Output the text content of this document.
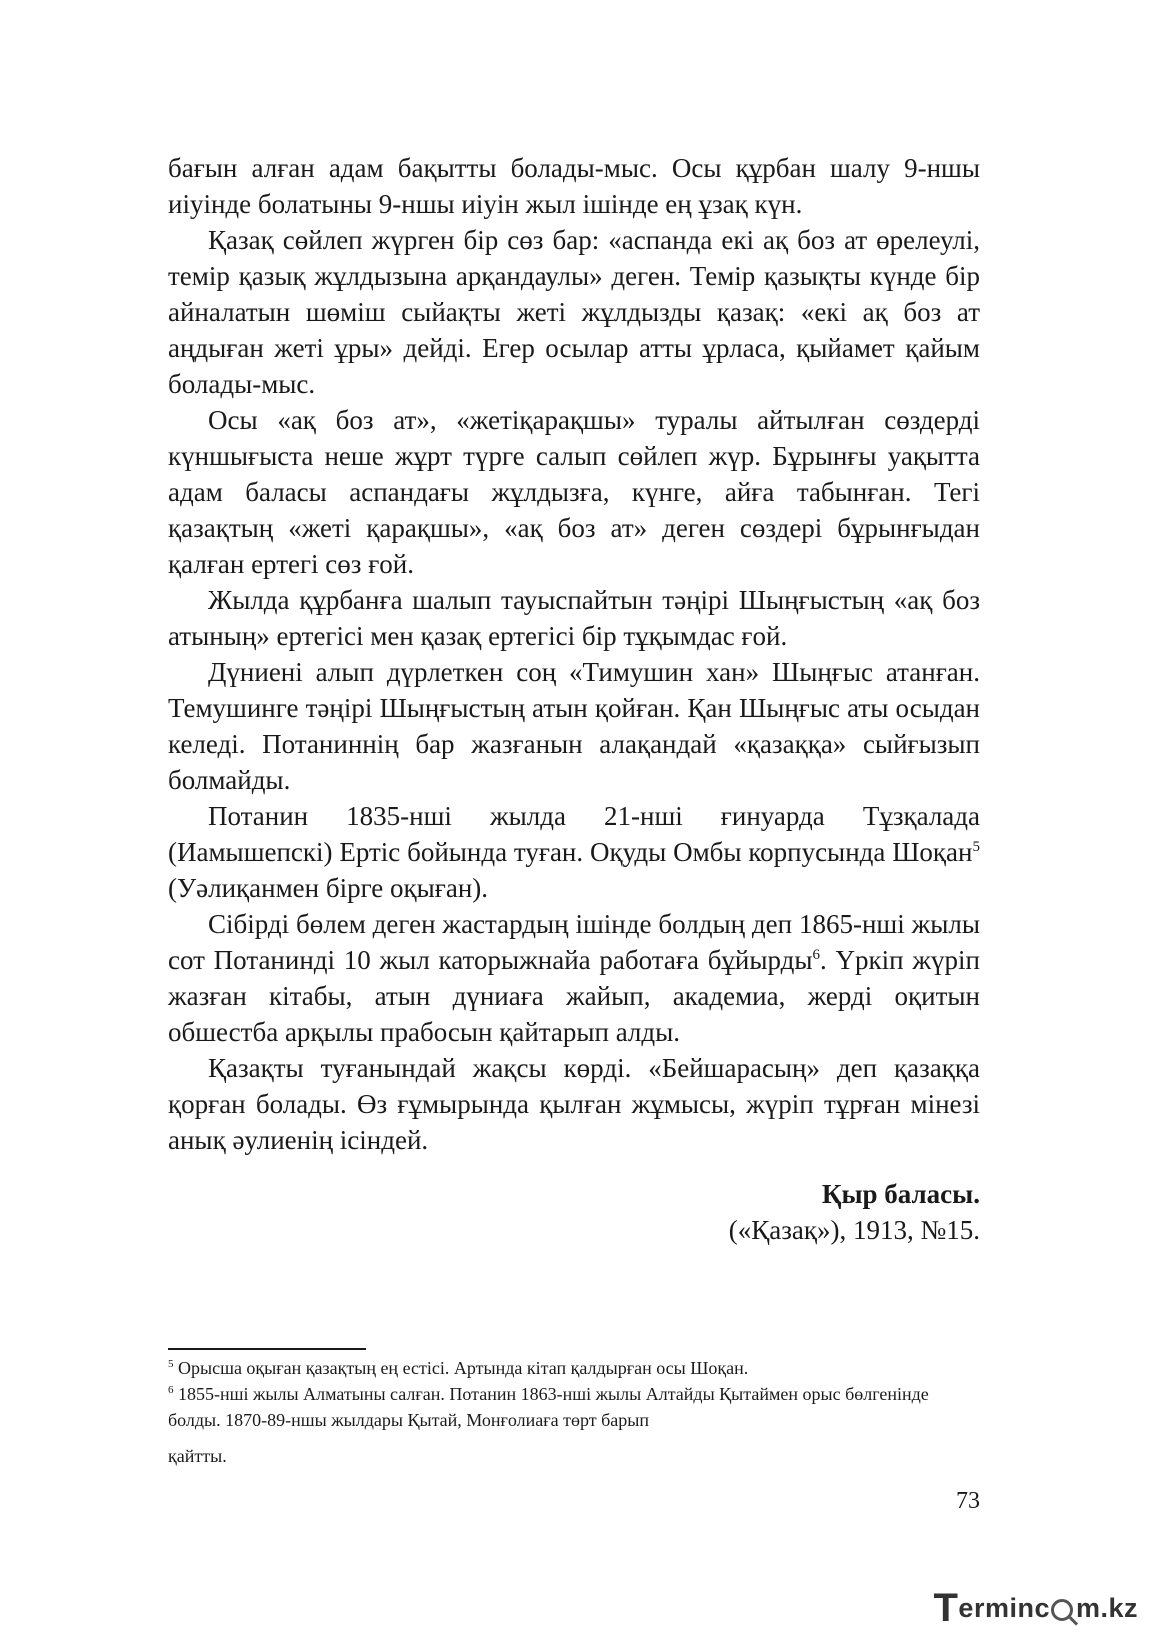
бағын алған адам бақытты болады-мыс. Осы құрбан шалу 9-ншы иіуінде болатыны 9-ншы иіуін жыл ішінде ең ұзақ күн.

Қазақ сөйлеп жүрген бір сөз бар: «аспанда екі ақ боз ат өрелеулі, темір қазық жұлдызына арқандаулы» деген. Темір қазықты күнде бір айналатын шөміш сыйақты жеті жұлдызды қазақ: «екі ақ боз ат аңдыған жеті ұры» дейді. Егер осылар атты ұрласа, қыйамет қайым болады-мыс.

Осы «ақ боз ат», «жетіқарақшы» туралы айтылған сөздерді күншығыста неше жұрт түрге салып сөйлеп жүр. Бұрынғы уақытта адам баласы аспандағы жұлдызға, күнге, айға табынған. Тегі қазақтың «жеті қарақшы», «ақ боз ат» деген сөздері бұрынғыдан қалған ертегі сөз ғой.

Жылда құрбанға шалып тауыспайтын тәңірі Шыңғыстың «ақ боз атының» ертегісі мен қазақ ертегісі бір тұқымдас ғой.

Дүниені алып дүрлеткен соң «Тимушин хан» Шыңғыс атанған. Темушинге тәңірі Шыңғыстың атын қойған. Қан Шыңғыс аты осыдан келеді. Потаниннің бар жазғанын алақандай «қазаққа» сыйғызып болмайды.

Потанин 1835-нші жылда 21-нші ғинуарда Тұзқалада (Иамышепскі) Ертіс бойында туған. Оқуды Омбы корпусында Шоқан$^5$ (Уәлиқанмен бірге оқыған).

Сібірді бөлем деген жастардың ішінде болдың деп 1865-нші жылы сот Потанинді 10 жыл каторыжнайа работаға бұйырды$^6$. Үркіп жүріп жазған кітабы, атын дүниаға жайып, академиа, жерді оқитын обшестба арқылы прабосын қайтарып алды.

Қазақты туғанындай жақсы көрді. «Бейшарасың» деп қазаққа қорған болады. Өз ғұмырында қылған жұмысы, жүріп тұрған мінезі анық әулиенің ісіндей.

Қыр баласы.
(«Қазақ»), 1913, №15.

$^5$ Орысша оқыған қазақтың ең естісі. Артында кітап қалдырған осы Шоқан.

$^6$ 1855-нші жылы Алматыны салған. Потанин 1863-нші жылы Алтайды Қытаймен орыс бөлгенінде болды. 1870-89-ншы жылдары Қытай, Монғолиаға төрт барып

қайтты.

73
T erminc m.kz
